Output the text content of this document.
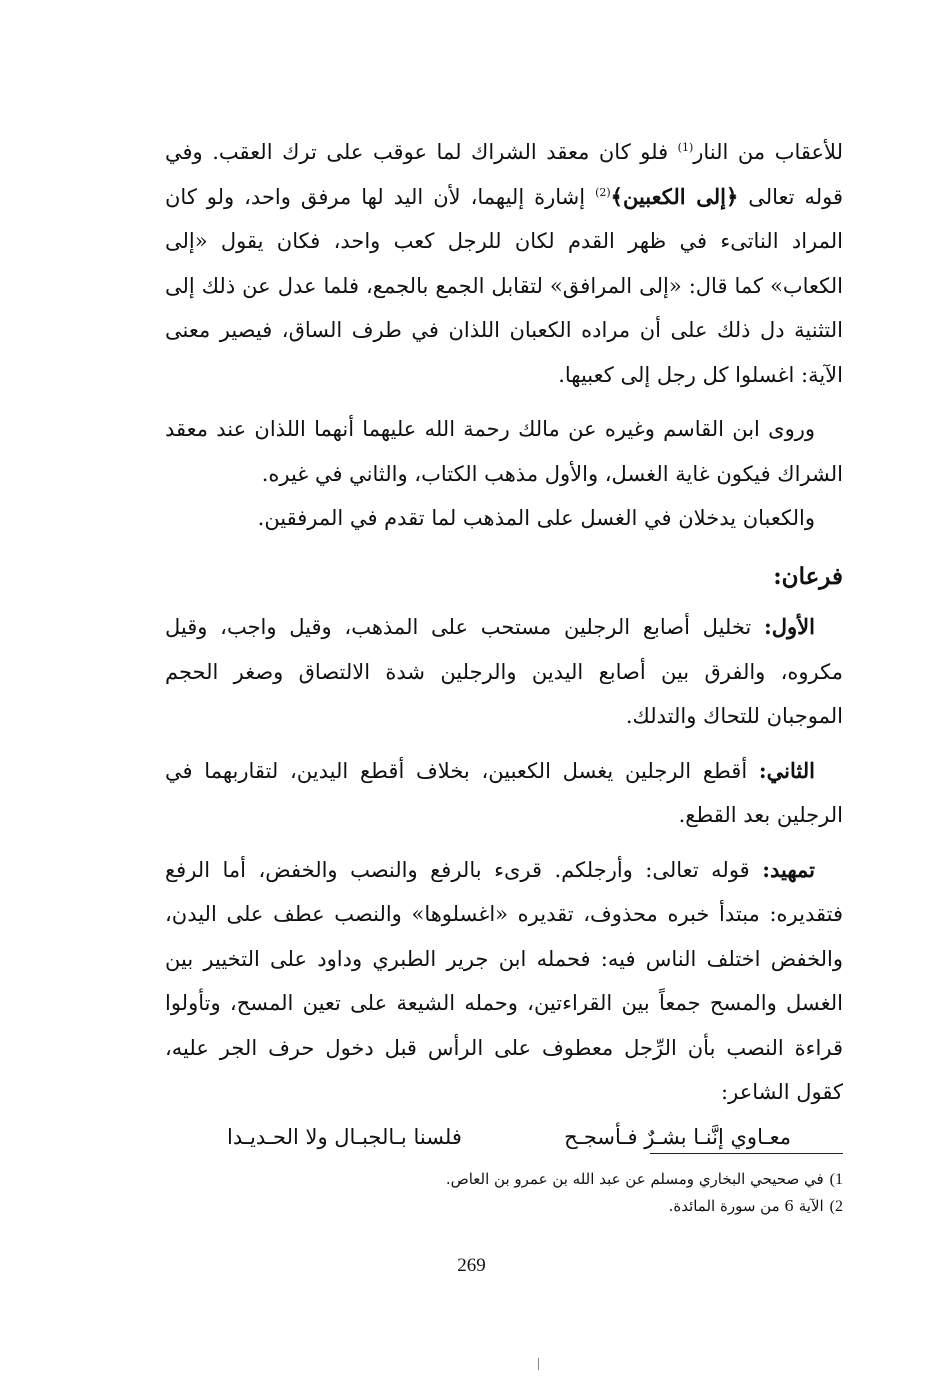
للأعقاب من النار$^{(1)}$ فلو كان معقد الشراك لما عوقب على ترك العقب. وفي قوله تعالى ﴿إلى الكعبين﴾$^{(2)}$ إشارة إليهما، لأن اليد لها مرفق واحد، ولو كان المراد الناتىء في ظهر القدم لكان للرجل كعب واحد، فكان يقول «إلى الكعاب» كما قال: «إلى المرافق» لتقابل الجمع بالجمع، فلما عدل عن ذلك إلى التثنية دل ذلك على أن مراده الكعبان اللذان في طرف الساق، فيصير معنى الآية: اغسلوا كل رجل إلى كعبيها.

وروى ابن القاسم وغيره عن مالك رحمة الله عليهما أنهما اللذان عند معقد الشراك فيكون غاية الغسل، والأول مذهب الكتاب، والثاني في غيره.

والكعبان يدخلان في الغسل على المذهب لما تقدم في المرفقين.

فرعان:

الأول: تخليل أصابع الرجلين مستحب على المذهب، وقيل واجب، وقيل مكروه، والفرق بين أصابع اليدين والرجلين شدة الالتصاق وصغر الحجم الموجبان للتحاك والتدلك.

الثاني: أقطع الرجلين يغسل الكعبين، بخلاف أقطع اليدين، لتقاربهما في الرجلين بعد القطع.

تمهيد: قوله تعالى: وأرجلكم. قرىء بالرفع والنصب والخفض، أما الرفع فتقديره: مبتدأ خبره محذوف، تقديره «اغسلوها» والنصب عطف على اليدن، والخفض اختلف الناس فيه: فحمله ابن جرير الطبري وداود على التخيير بين الغسل والمسح جمعاً بين القراءتين، وحمله الشيعة على تعين المسح، وتأولوا قراءة النصب بأن الرِّجل معطوف على الرأس قبل دخول حرف الجر عليه، كقول الشاعر:

معـاوي إنَّنـا بشـرٌ فـأسجـح
فلسنا بـالجبـال ولا الحـديـدا

1)في صحيحي البخاري ومسلم عن عبد الله بن عمرو بن العاص.
2)الآية 6 من سورة المائدة.
269
